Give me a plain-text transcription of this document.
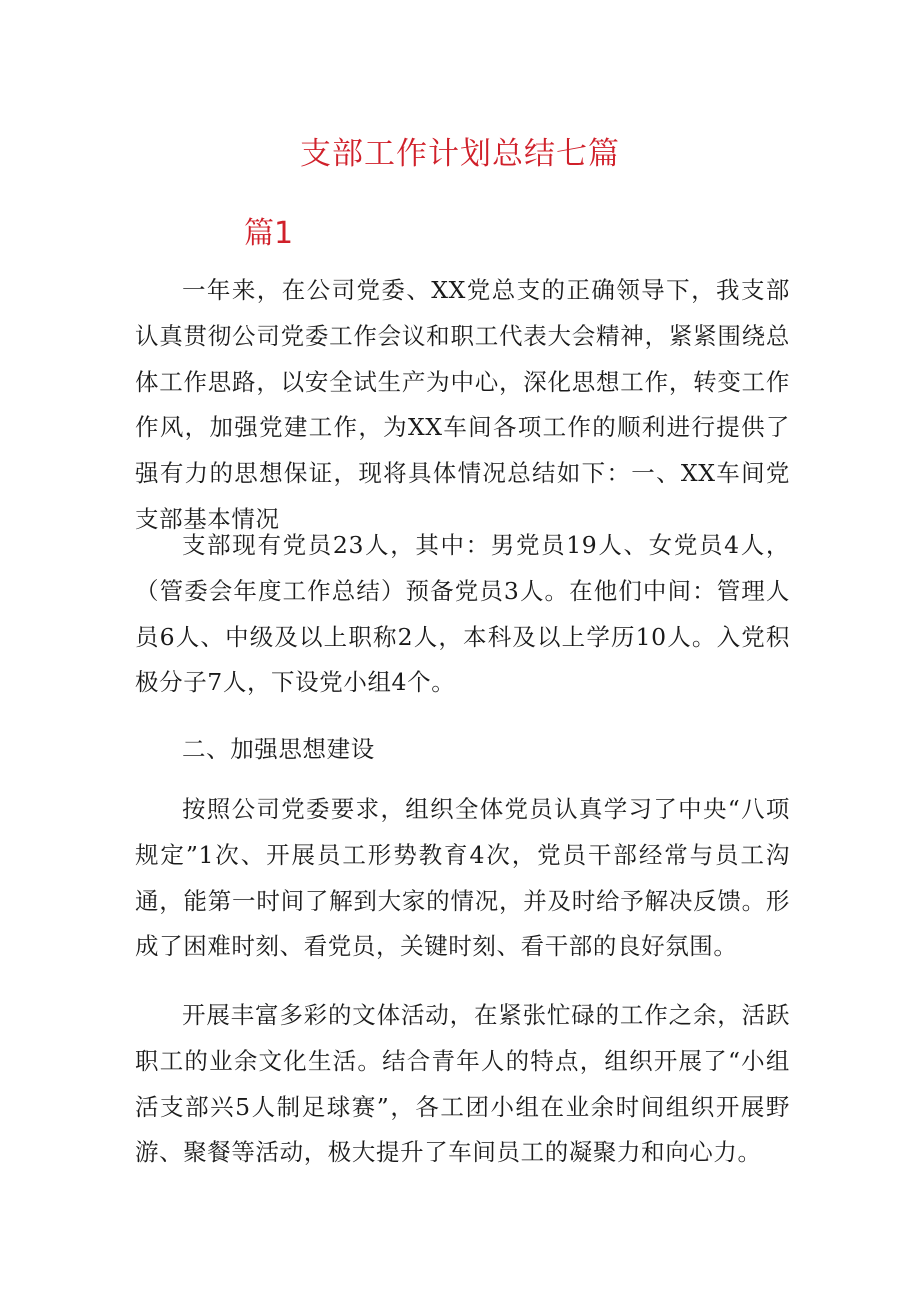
支部工作计划总结七篇
篇1

一年来，在公司党委、XX党总支的正确领导下，我支部认真贯彻公司党委工作会议和职工代表大会精神，紧紧围绕总体工作思路，以安全试生产为中心，深化思想工作，转变工作作风，加强党建工作，为XX车间各项工作的顺利进行提供了强有力的思想保证，现将具体情况总结如下：一、XX车间党支部基本情况

支部现有党员23人，其中：男党员19人、女党员4人，（管委会年度工作总结）预备党员3人。在他们中间：管理人员6人、中级及以上职称2人，本科及以上学历10人。入党积极分子7人，下设党小组4个。

二、加强思想建设

按照公司党委要求，组织全体党员认真学习了中央“八项规定”1次、开展员工形势教育4次，党员干部经常与员工沟通，能第一时间了解到大家的情况，并及时给予解决反馈。形成了困难时刻、看党员，关键时刻、看干部的良好氛围。

开展丰富多彩的文体活动，在紧张忙碌的工作之余，活跃职工的业余文化生活。结合青年人的特点，组织开展了“小组活支部兴5人制足球赛”，各工团小组在业余时间组织开展野游、聚餐等活动，极大提升了车间员工的凝聚力和向心力。
